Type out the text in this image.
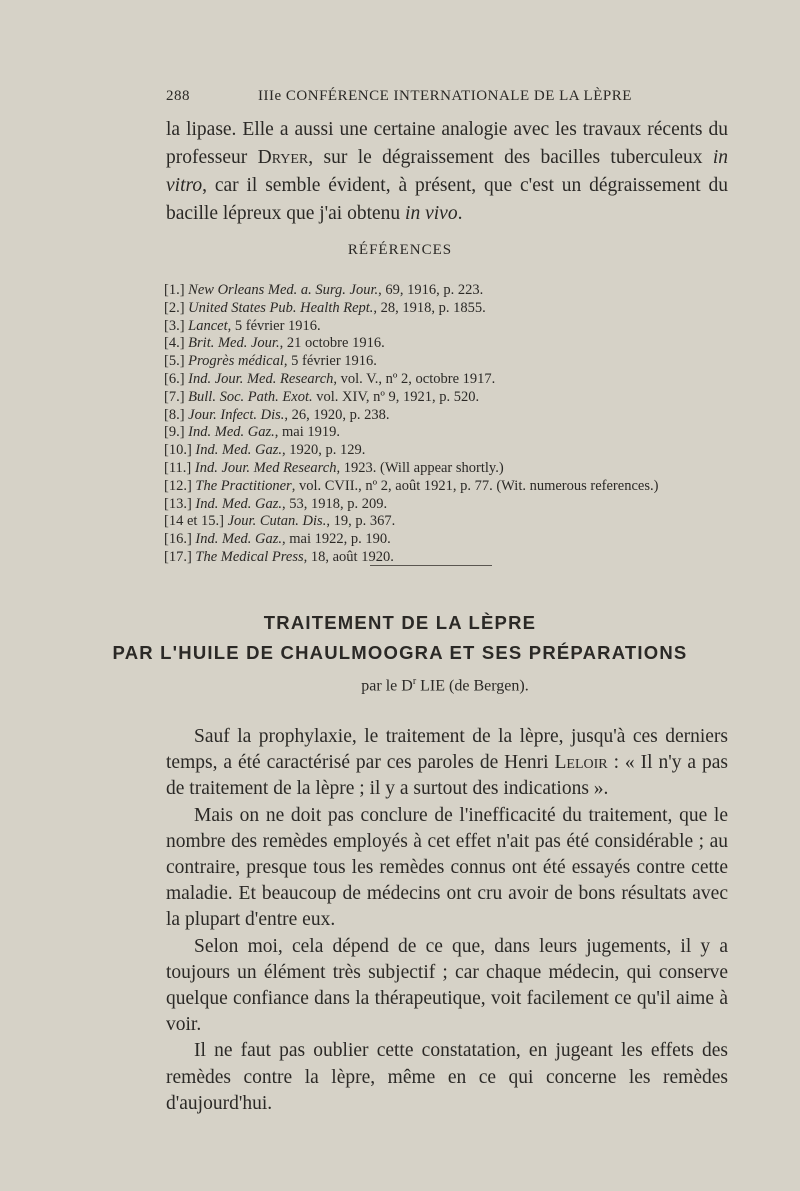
288	IIIe CONFÉRENCE INTERNATIONALE DE LA LÈPRE

la lipase. Elle a aussi une certaine analogie avec les travaux récents du professeur Dryer, sur le dégraissement des bacilles tuberculeux in vitro, car il semble évident, à présent, que c'est un dégraissement du bacille lépreux que j'ai obtenu in vivo.

RÉFÉRENCES
[1.] New Orleans Med. a. Surg. Jour., 69, 1916, p. 223.
[2.] United States Pub. Health Rept., 28, 1918, p. 1855.
[3.] Lancet, 5 février 1916.
[4.] Brit. Med. Jour., 21 octobre 1916.
[5.] Progrès médical, 5 février 1916.
[6.] Ind. Jour. Med. Research, vol. V., nº 2, octobre 1917.
[7.] Bull. Soc. Path. Exot. vol. XIV, nº 9, 1921, p. 520.
[8.] Jour. Infect. Dis., 26, 1920, p. 238.
[9.] Ind. Med. Gaz., mai 1919.
[10.] Ind. Med. Gaz., 1920, p. 129.
[11.] Ind. Jour. Med Research, 1923. (Will appear shortly.)
[12.] The Practitioner, vol. CVII., nº 2, août 1921, p. 77. (Wit. numerous references.)
[13.] Ind. Med. Gaz., 53, 1918, p. 209.
[14 et 15.] Jour. Cutan. Dis., 19, p. 367.
[16.] Ind. Med. Gaz., mai 1922, p. 190.
[17.] The Medical Press, 18, août 1920.
TRAITEMENT DE LA LÈPRE
PAR L'HUILE DE CHAULMOOGRA ET SES PRÉPARATIONS
par le $D^r$ LIE (de Bergen).

Sauf la prophylaxie, le traitement de la lèpre, jusqu'à ces derniers temps, a été caractérisé par ces paroles de Henri Leloir : « Il n'y a pas de traitement de la lèpre ; il y a surtout des indications ».

Mais on ne doit pas conclure de l'inefficacité du traitement, que le nombre des remèdes employés à cet effet n'ait pas été considérable ; au contraire, presque tous les remèdes connus ont été essayés contre cette maladie. Et beaucoup de médecins ont cru avoir de bons résultats avec la plupart d'entre eux.

Selon moi, cela dépend de ce que, dans leurs jugements, il y a toujours un élément très subjectif ; car chaque médecin, qui conserve quelque confiance dans la thérapeutique, voit facilement ce qu'il aime à voir.

Il ne faut pas oublier cette constatation, en jugeant les effets des remèdes contre la lèpre, même en ce qui concerne les remèdes d'aujourd'hui.
